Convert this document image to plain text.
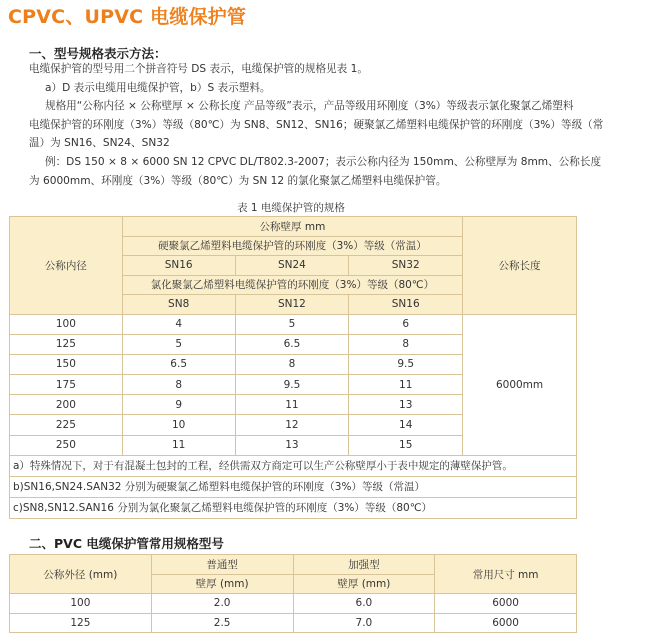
CPVC、UPVC 电缆保护管
一、型号规格表示方法：

电缆保护管的型号用二个拼音符号 DS 表示，电缆保护管的规格见表 1。

a）D 表示电缆用电缆保护管，b）S 表示塑料。

规格用“公称内径 × 公称壁厚 × 公称长度 产品等级”表示，产品等级用环刚度（3%）等级表示氯化聚氯乙烯塑料

电缆保护管的环刚度（3%）等级（80℃）为 SN8、SN12、SN16；硬聚氯乙烯塑料电缆保护管的环刚度（3%）等级（常

温）为 SN16、SN24、SN32

例：DS 150 × 8 × 6000 SN 12 CPVC DL/T802.3-2007；表示公称内径为 150mm、公称壁厚为 8mm、公称长度

为 6000mm、环刚度（3%）等级（80℃）为 SN 12 的氯化聚氯乙烯塑料电缆保护管。

表 1 电缆保护管的规格
公称内径	公称壁厚 mm			公称长度
	硬聚氯乙烯塑料电缆保护管的环刚度（3%）等级（常温）			
	SN16	SN24	SN32	
	氯化聚氯乙烯塑料电缆保护管的环刚度（3%）等级（80℃）			
	SN8	SN12	SN16	
100	4	5	6	6000mm
125	5	6.5	8	
150	6.5	8	9.5	
175	8	9.5	11	
200	9	11	13	
225	10	12	14	
250	11	13	15	
a）特殊情况下，对于有混凝土包封的工程，经供需双方商定可以生产公称壁厚小于表中规定的薄壁保护管。				
b)SN16,SN24.SAN32 分别为硬聚氯乙烯塑料电缆保护管的环刚度（3%）等级（常温）				
c)SN8,SN12.SAN16 分别为氯化聚氯乙烯塑料电缆保护管的环刚度（3%）等级（80℃）				
二、PVC 电缆保护管常用规格型号
公称外径 (mm)	普通型	加强型	常用尺寸 mm
	壁厚 (mm)	壁厚 (mm)	
100	2.0	6.0	6000
125	2.5	7.0	6000
